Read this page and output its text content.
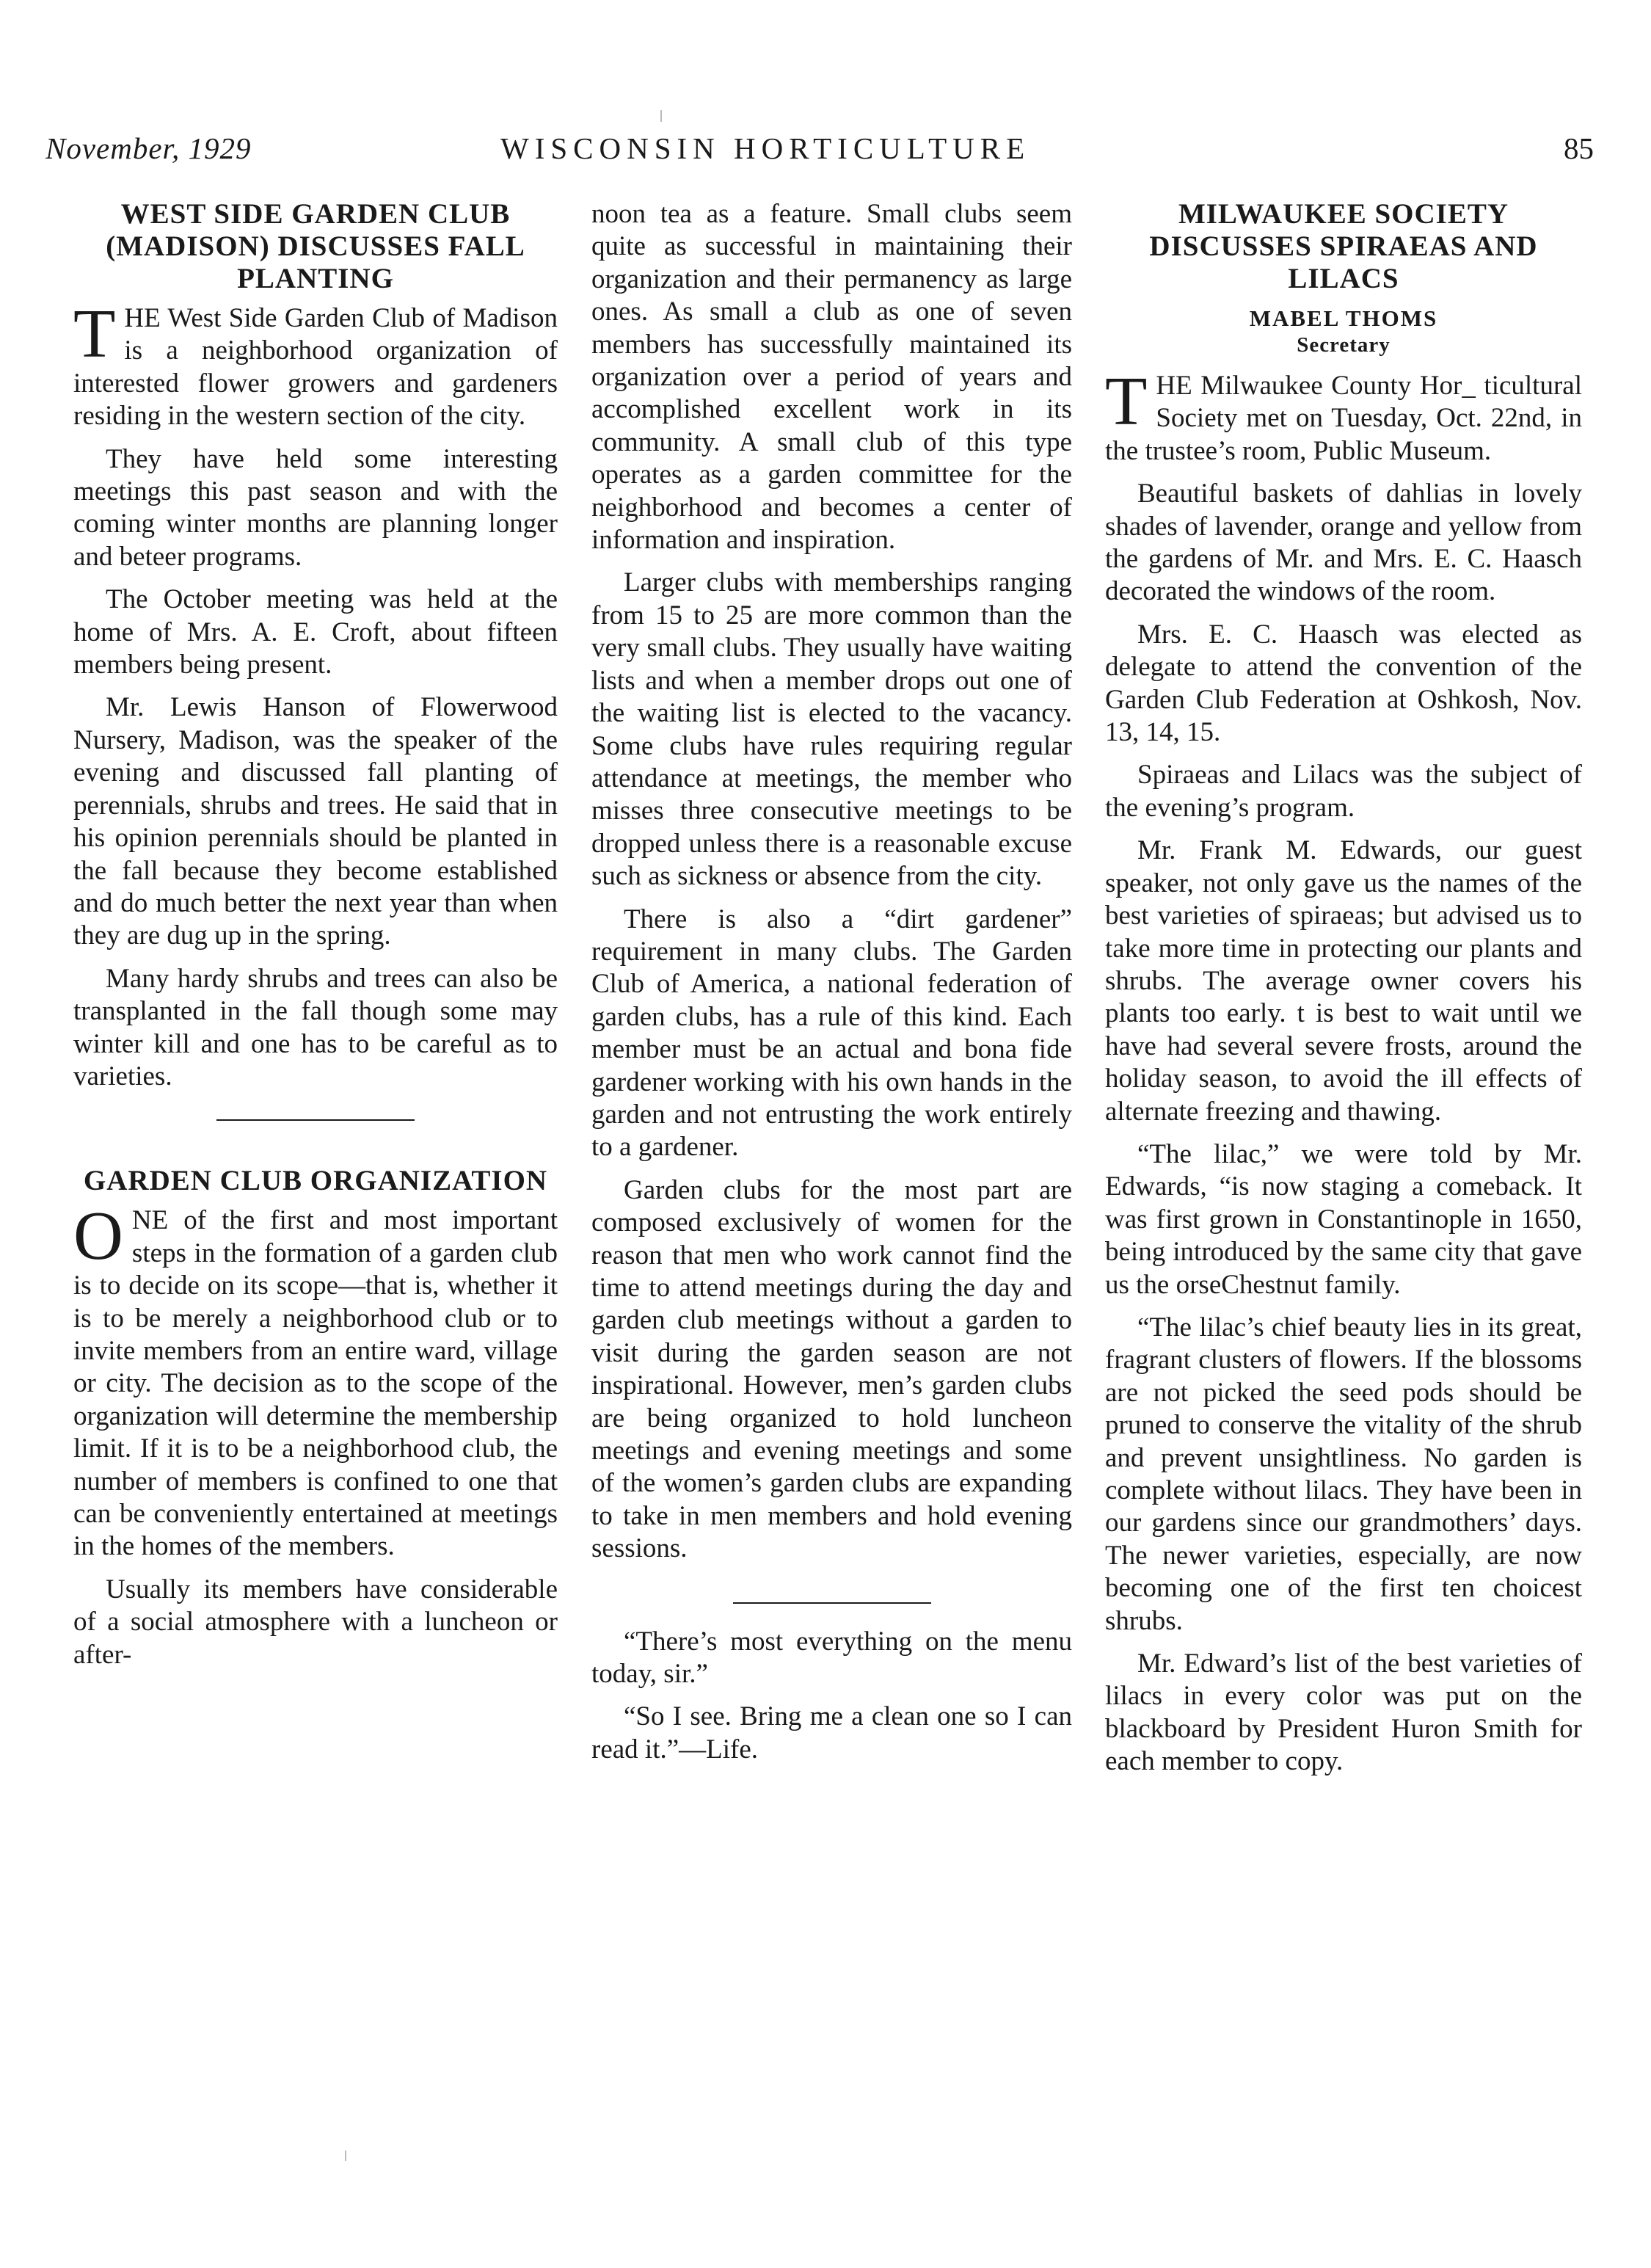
November, 1929	WISCONSIN HORTICULTURE	85
WEST SIDE GARDEN CLUB (MADISON) DISCUSSES FALL PLANTING

THE West Side Garden Club of Madison is a neighborhood organization of interested flower growers and gardeners residing in the western section of the city.

They have held some interesting meetings this past season and with the coming winter months are planning longer and beteer programs.

The October meeting was held at the home of Mrs. A. E. Croft, about fifteen members being present.

Mr. Lewis Hanson of Flowerwood Nursery, Madison, was the speaker of the evening and discussed fall planting of perennials, shrubs and trees. He said that in his opinion perennials should be planted in the fall because they become established and do much better the next year than when they are dug up in the spring.

Many hardy shrubs and trees can also be transplanted in the fall though some may winter kill and one has to be careful as to varieties.

GARDEN CLUB ORGANIZATION

ONE of the first and most important steps in the formation of a garden club is to decide on its scope—that is, whether it is to be merely a neighborhood club or to invite members from an entire ward, village or city. The decision as to the scope of the organization will determine the membership limit. If it is to be a neighborhood club, the number of members is confined to one that can be conveniently entertained at meetings in the homes of the members.

Usually its members have considerable of a social atmosphere with a luncheon or after-

noon tea as a feature. Small clubs seem quite as successful in maintaining their organization and their permanency as large ones. As small a club as one of seven members has successfully maintained its organization over a period of years and accomplished excellent work in its community. A small club of this type operates as a garden committee for the neighborhood and becomes a center of information and inspiration.

Larger clubs with memberships ranging from 15 to 25 are more common than the very small clubs. They usually have waiting lists and when a member drops out one of the waiting list is elected to the vacancy. Some clubs have rules requiring regular attendance at meetings, the member who misses three consecutive meetings to be dropped unless there is a reasonable excuse such as sickness or absence from the city.

There is also a “dirt gardener” requirement in many clubs. The Garden Club of America, a national federation of garden clubs, has a rule of this kind. Each member must be an actual and bona fide gardener working with his own hands in the garden and not entrusting the work entirely to a gardener.

Garden clubs for the most part are composed exclusively of women for the reason that men who work cannot find the time to attend meetings during the day and garden club meetings without a garden to visit during the garden season are not inspirational. However, men’s garden clubs are being organized to hold luncheon meetings and evening meetings and some of the women’s garden clubs are expanding to take in men members and hold evening sessions.

“There’s most everything on the menu today, sir.”

“So I see. Bring me a clean one so I can read it.”—Life.

MILWAUKEE SOCIETY DISCUSSES SPIRAEAS AND LILACS
MABEL THOMS
Secretary

THE Milwaukee County Hor_ ticultural Society met on Tuesday, Oct. 22nd, in the trustee’s room, Public Museum.

Beautiful baskets of dahlias in lovely shades of lavender, orange and yellow from the gardens of Mr. and Mrs. E. C. Haasch decorated the windows of the room.

Mrs. E. C. Haasch was elected as delegate to attend the convention of the Garden Club Federation at Oshkosh, Nov. 13, 14, 15.

Spiraeas and Lilacs was the subject of the evening’s program.

Mr. Frank M. Edwards, our guest speaker, not only gave us the names of the best varieties of spiraeas; but advised us to take more time in protecting our plants and shrubs. The average owner covers his plants too early. t is best to wait until we have had several severe frosts, around the holiday season, to avoid the ill effects of alternate freezing and thawing.

“The lilac,” we were told by Mr. Edwards, “is now staging a comeback. It was first grown in Constantinople in 1650, being introduced by the same city that gave us the orseChestnut family.

“The lilac’s chief beauty lies in its great, fragrant clusters of flowers. If the blossoms are not picked the seed pods should be pruned to conserve the vitality of the shrub and prevent unsightliness. No garden is complete without lilacs. They have been in our gardens since our grandmothers’ days. The newer varieties, especially, are now becoming one of the first ten choicest shrubs.

Mr. Edward’s list of the best varieties of lilacs in every color was put on the blackboard by President Huron Smith for each member to copy.
